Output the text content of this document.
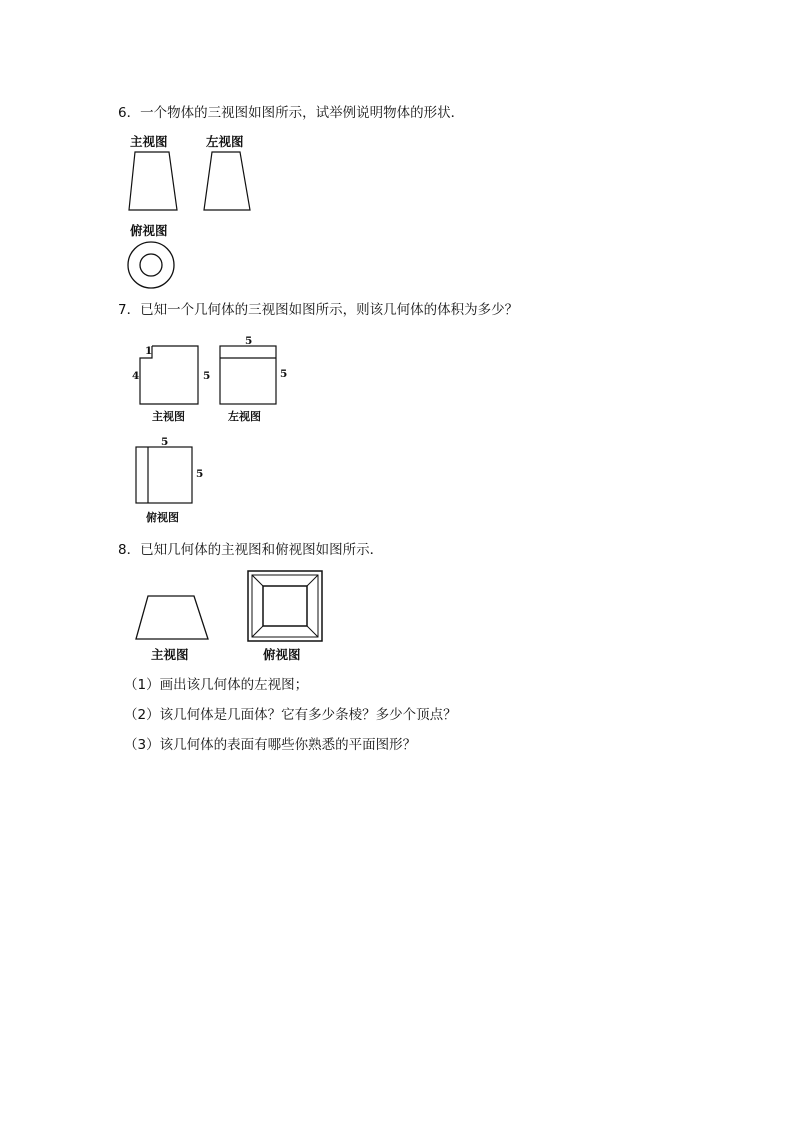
6．一个物体的三视图如图所示，试举例说明物体的形状．
主视图	左视图
俯视图
7．已知一个几何体的三视图如图所示，则该几何体的体积为多少？
1
4	5
主视图
5
5
左视图
5
5
俯视图
8．已知几何体的主视图和俯视图如图所示．
主视图	俯视图
（1）画出该几何体的左视图；
（2）该几何体是几面体？它有多少条棱？多少个顶点？
（3）该几何体的表面有哪些你熟悉的平面图形？
